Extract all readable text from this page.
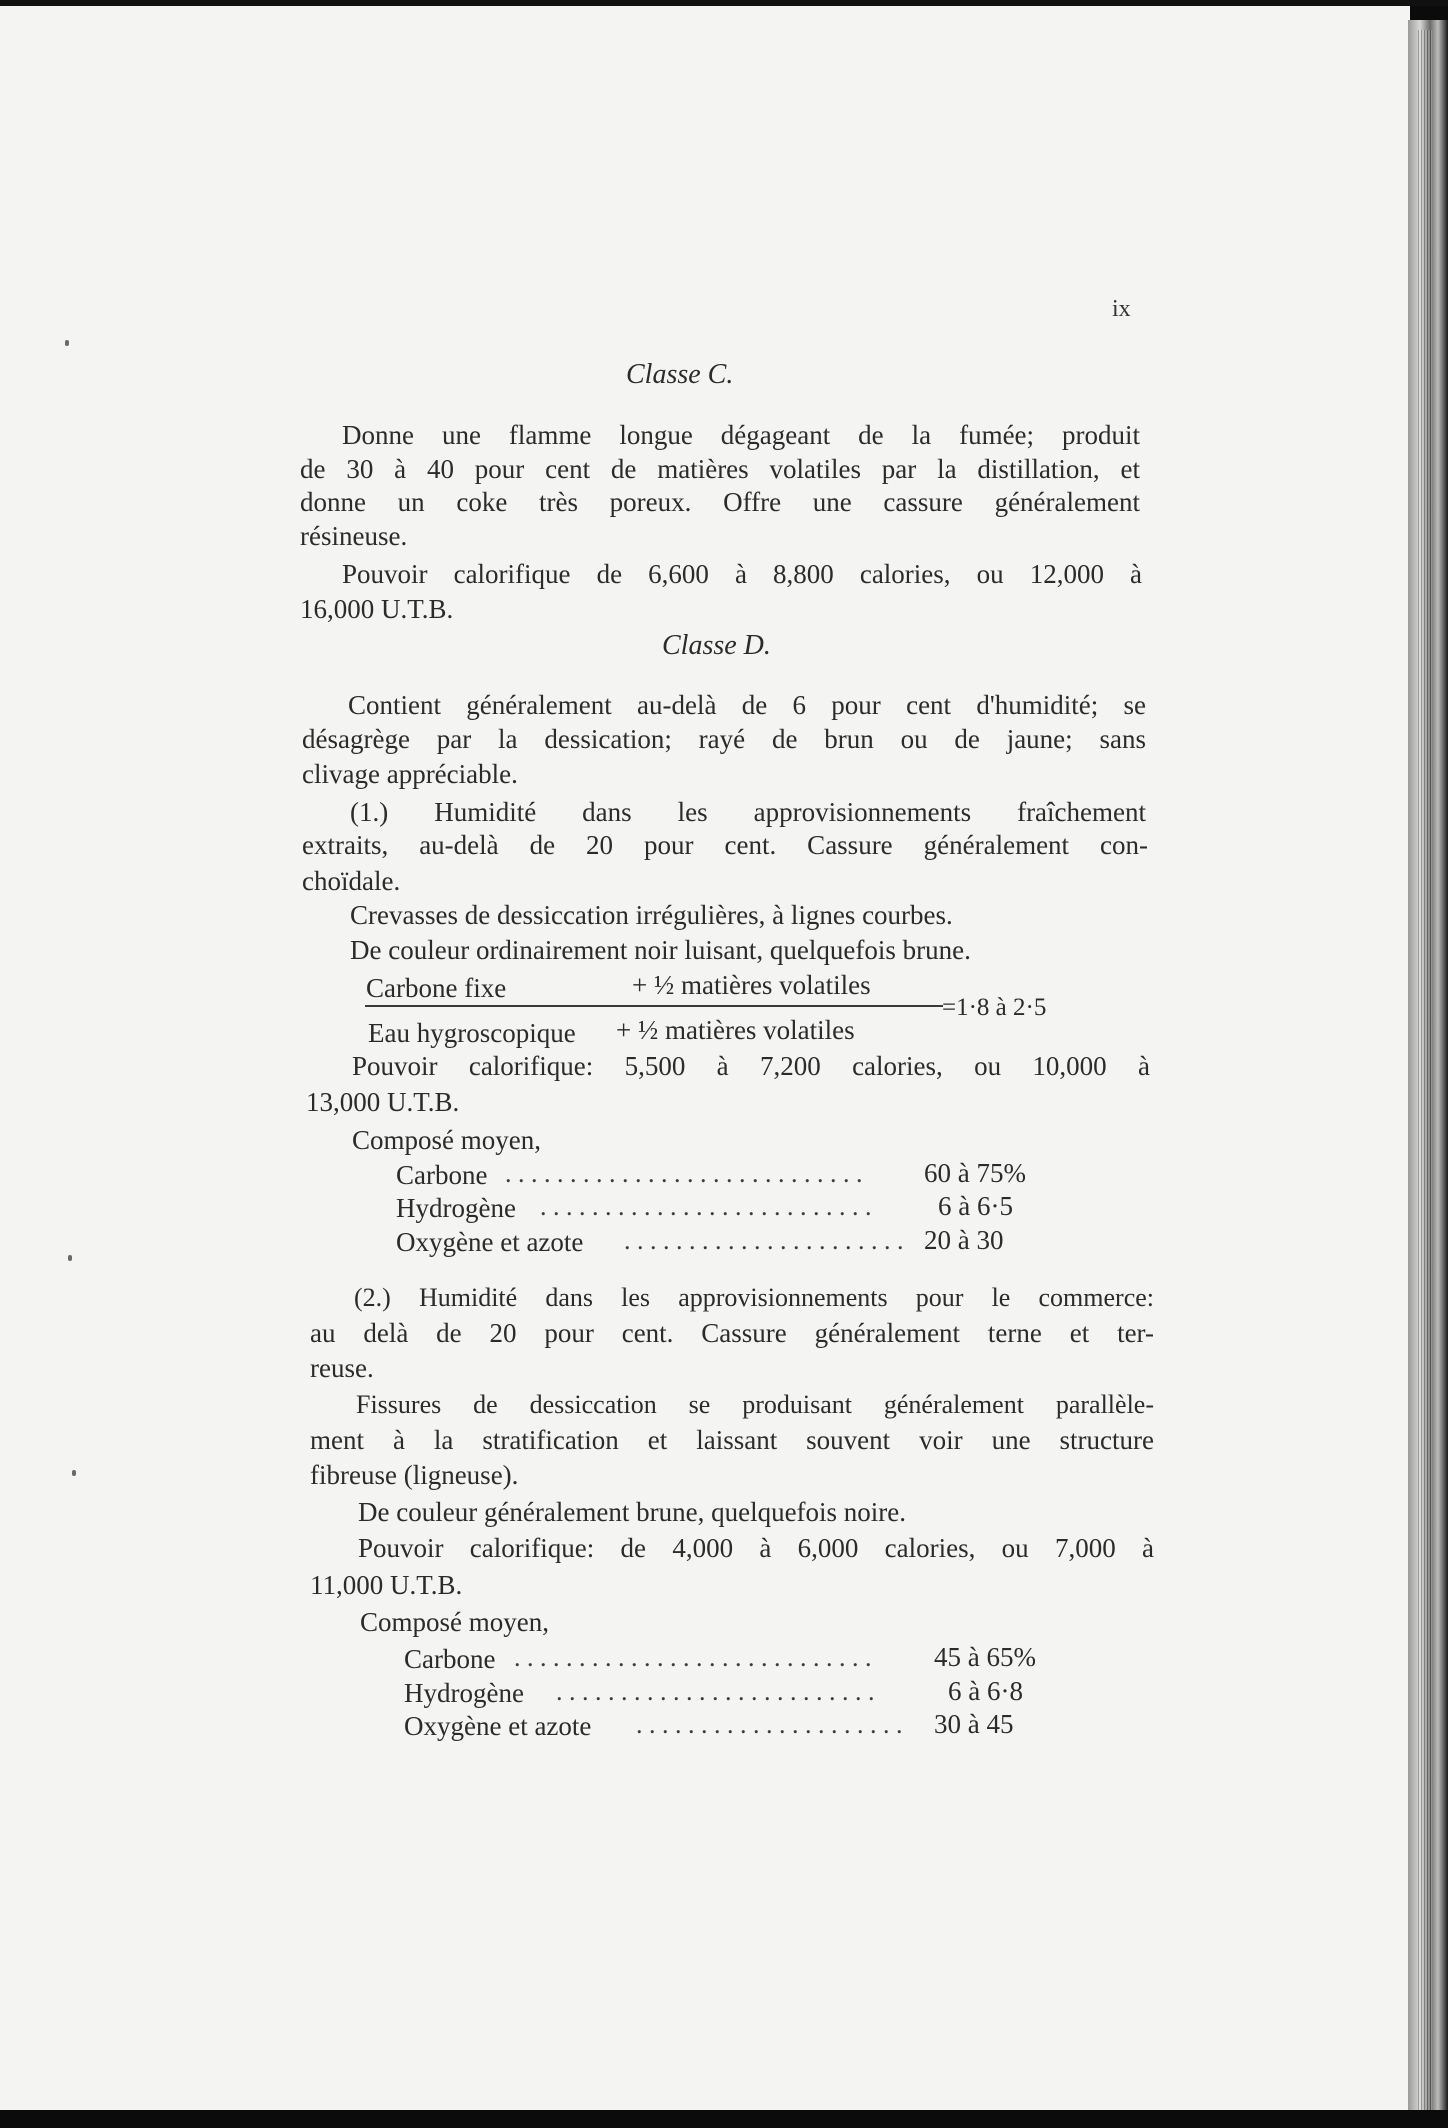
ix
Classe C.
Donne une flamme longue dégageant de la fumée; produit
de 30 à 40 pour cent de matières volatiles par la distillation, et
donne un coke très poreux. Offre une cassure généralement
résineuse.
Pouvoir calorifique de 6,600 à 8,800 calories, ou 12,000 à
16,000 U.T.B.
Classe D.
Contient généralement au-delà de 6 pour cent d'humidité; se
désagrège par la dessication; rayé de brun ou de jaune; sans
clivage appréciable.
(1.) Humidité dans les approvisionnements fraîchement
extraits, au-delà de 20 pour cent. Cassure généralement con-
choïdale.
Crevasses de dessiccation irrégulières, à lignes courbes.
De couleur ordinairement noir luisant, quelquefois brune.
Carbone fixe	+ ½ matières volatiles
Eau hygroscopique + ½ matières volatiles
=1·8 à 2·5
Pouvoir calorifique: 5,500 à 7,200 calories, ou 10,000 à
13,000 U.T.B.
Composé moyen,
Carbone . . . . . . . . . . . . . . . . . . . . . . . . . . . . 60 à 75%
Hydrogène . . . . . . . . . . . . . . . . . . . . . . . . . . 6 à 6·5
Oxygène et azote . . . . . . . . . . . . . . . . . . . . . . 20 à 30
(2.) Humidité dans les approvisionnements pour le commerce:
au delà de 20 pour cent. Cassure généralement terne et ter-
reuse.
Fissures de dessiccation se produisant généralement parallèle-
ment à la stratification et laissant souvent voir une structure
fibreuse (ligneuse).
De couleur généralement brune, quelquefois noire.
Pouvoir calorifique: de 4,000 à 6,000 calories, ou 7,000 à
11,000 U.T.B.
Composé moyen,
Carbone . . . . . . . . . . . . . . . . . . . . . . . . . . . . 45 à 65%
Hydrogène . . . . . . . . . . . . . . . . . . . . . . . . .	6 à 6·8
Oxygène et azote . . . . . . . . . . . . . . . . . . . . . 30 à 45
